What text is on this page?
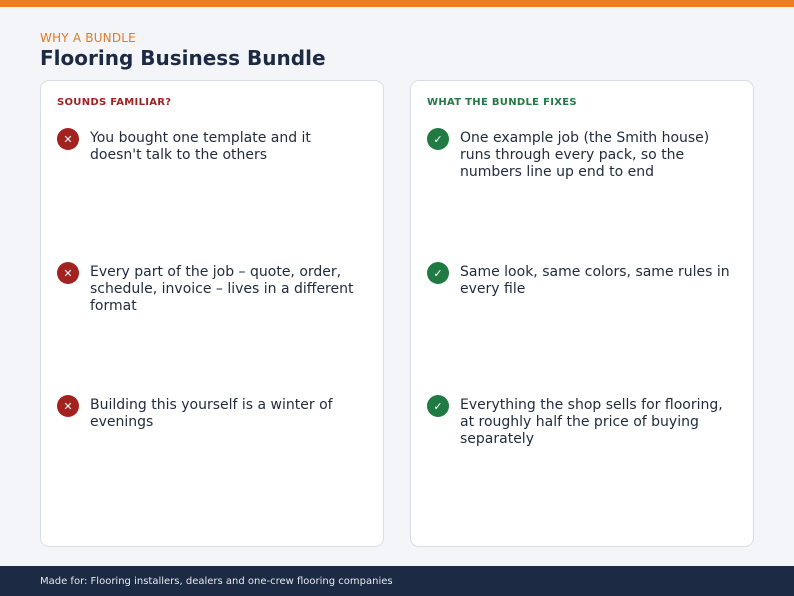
WHY A BUNDLE
Flooring Business Bundle
SOUNDS FAMILIAR?
✕	You bought one template and it doesn't talk to the others
✕	Every part of the job – quote, order, schedule, invoice – lives in a different format
✕	Building this yourself is a winter of evenings
WHAT THE BUNDLE FIXES
✓	One example job (the Smith house) runs through every pack, so the numbers line up end to end
✓	Same look, same colors, same rules in every file
✓	Everything the shop sells for flooring, at roughly half the price of buying separately
Made for: Flooring installers, dealers and one-crew flooring companies
